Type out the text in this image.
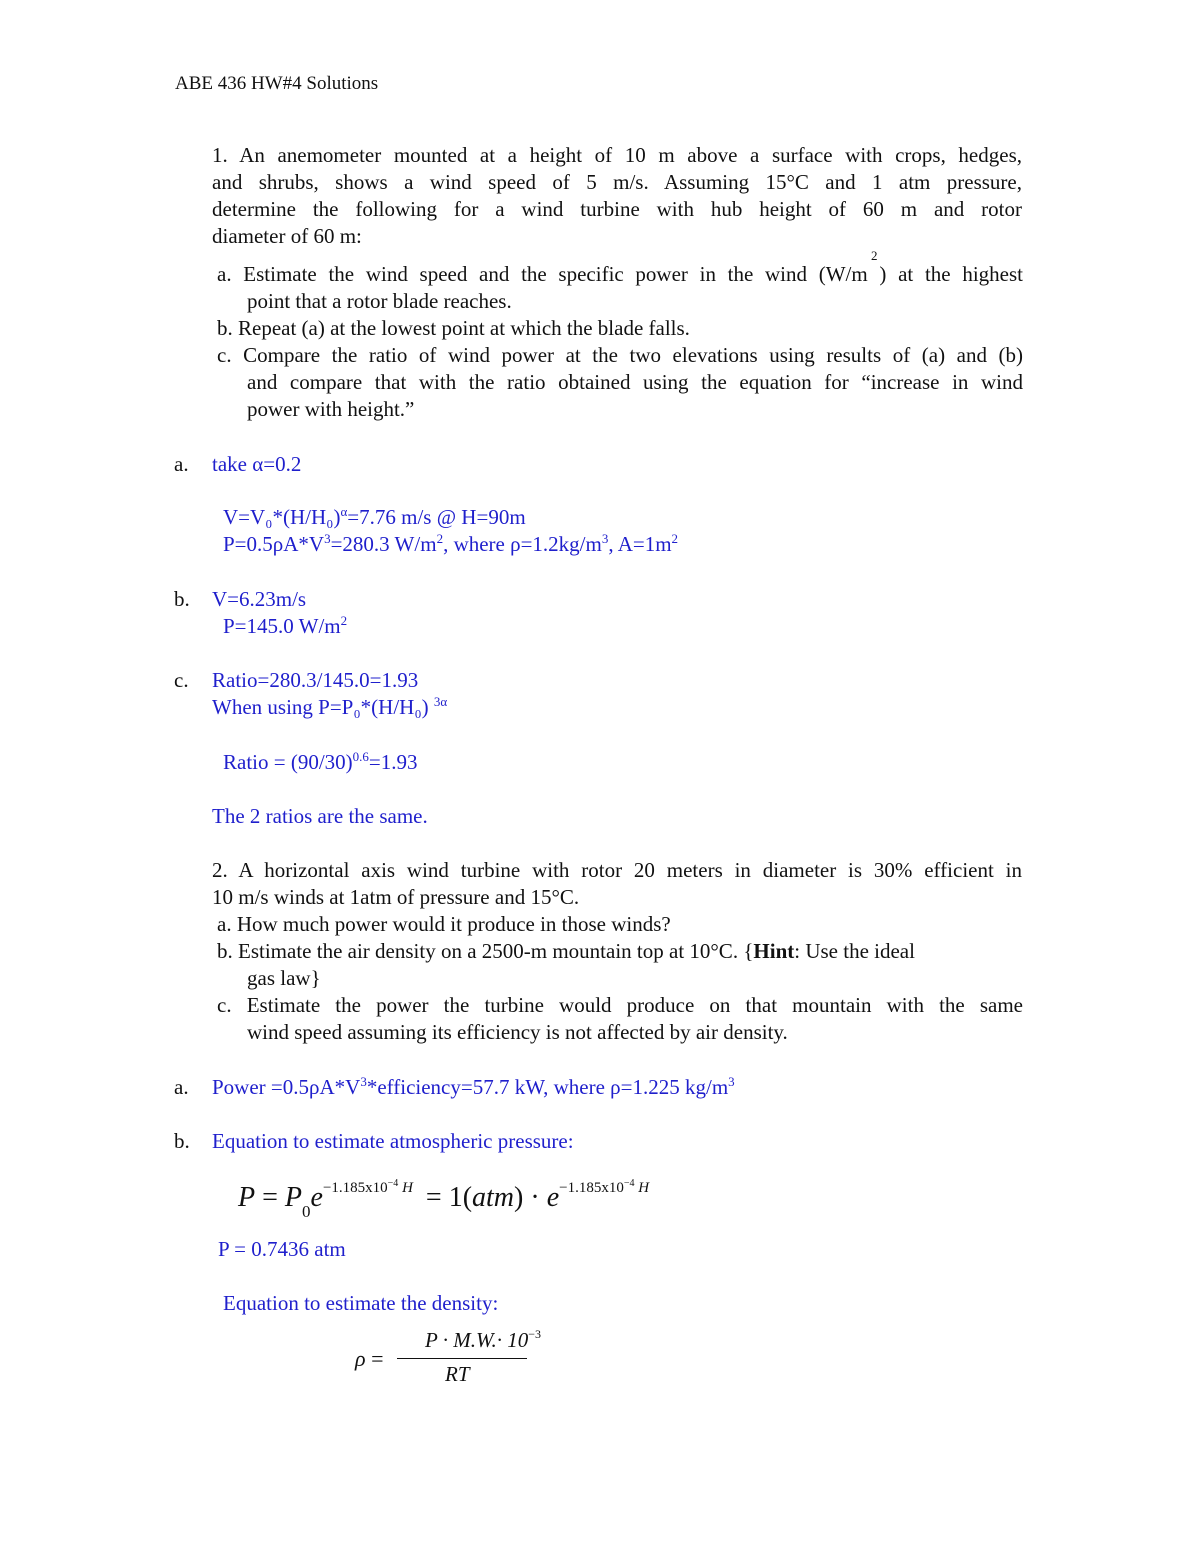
ABE 436 HW#4 Solutions
1. An anemometer mounted at a height of 10 m above a surface with crops, hedges,
and shrubs, shows a wind speed of 5 m/s. Assuming 15°C and 1 atm pressure,
determine the following for a wind turbine with hub height of 60 m and rotor
diameter of 60 m:
2
a. Estimate the wind speed and the specific power in the wind (W/m ) at the highest
point that a rotor blade reaches.
b. Repeat (a) at the lowest point at which the blade falls.
c. Compare the ratio of wind power at the two elevations using results of (a) and (b)
and compare that with the ratio obtained using the equation for “increase in wind
power with height.”
a. take α=0.2
$V=V_0*(H/H_0)^\alpha=7.76$ m/s @ H=90m
$P=0.5\rho A*V^3=280.3$ $W/m^2$, where $\rho=1.2kg/m^3$, $A=1m^2$
b. V=6.23m/s
P=145.0 $W/m^2$
c. Ratio=280.3/145.0=1.93
When using P=P₀*(H/H₀) $^{3\alpha}$
Ratio = $(90/30)^{0.6}=1.93$
The 2 ratios are the same.
2. A horizontal axis wind turbine with rotor 20 meters in diameter is 30% efficient in
10 m/s winds at 1atm of pressure and 15°C.
a. How much power would it produce in those winds?
b. Estimate the air density on a 2500-m mountain top at 10°C. {Hint: Use the ideal
gas law}
c. Estimate the power the turbine would produce on that mountain with the same
wind speed assuming its efficiency is not affected by air density.
a. Power $=0.5\rho A*V^3*efficiency=57.7$ kW, where ρ=1.225 $kg/m^3$
b. Equation to estimate atmospheric pressure:
$P = P_0e^{-1.185x10^{-4} H} = 1(atm) \cdot e^{-1.185x10^{-4} H}$
P = 0.7436 atm
Equation to estimate the density:
ρ =
$P \cdot M.W.\cdot 10^{-3}$
RT
